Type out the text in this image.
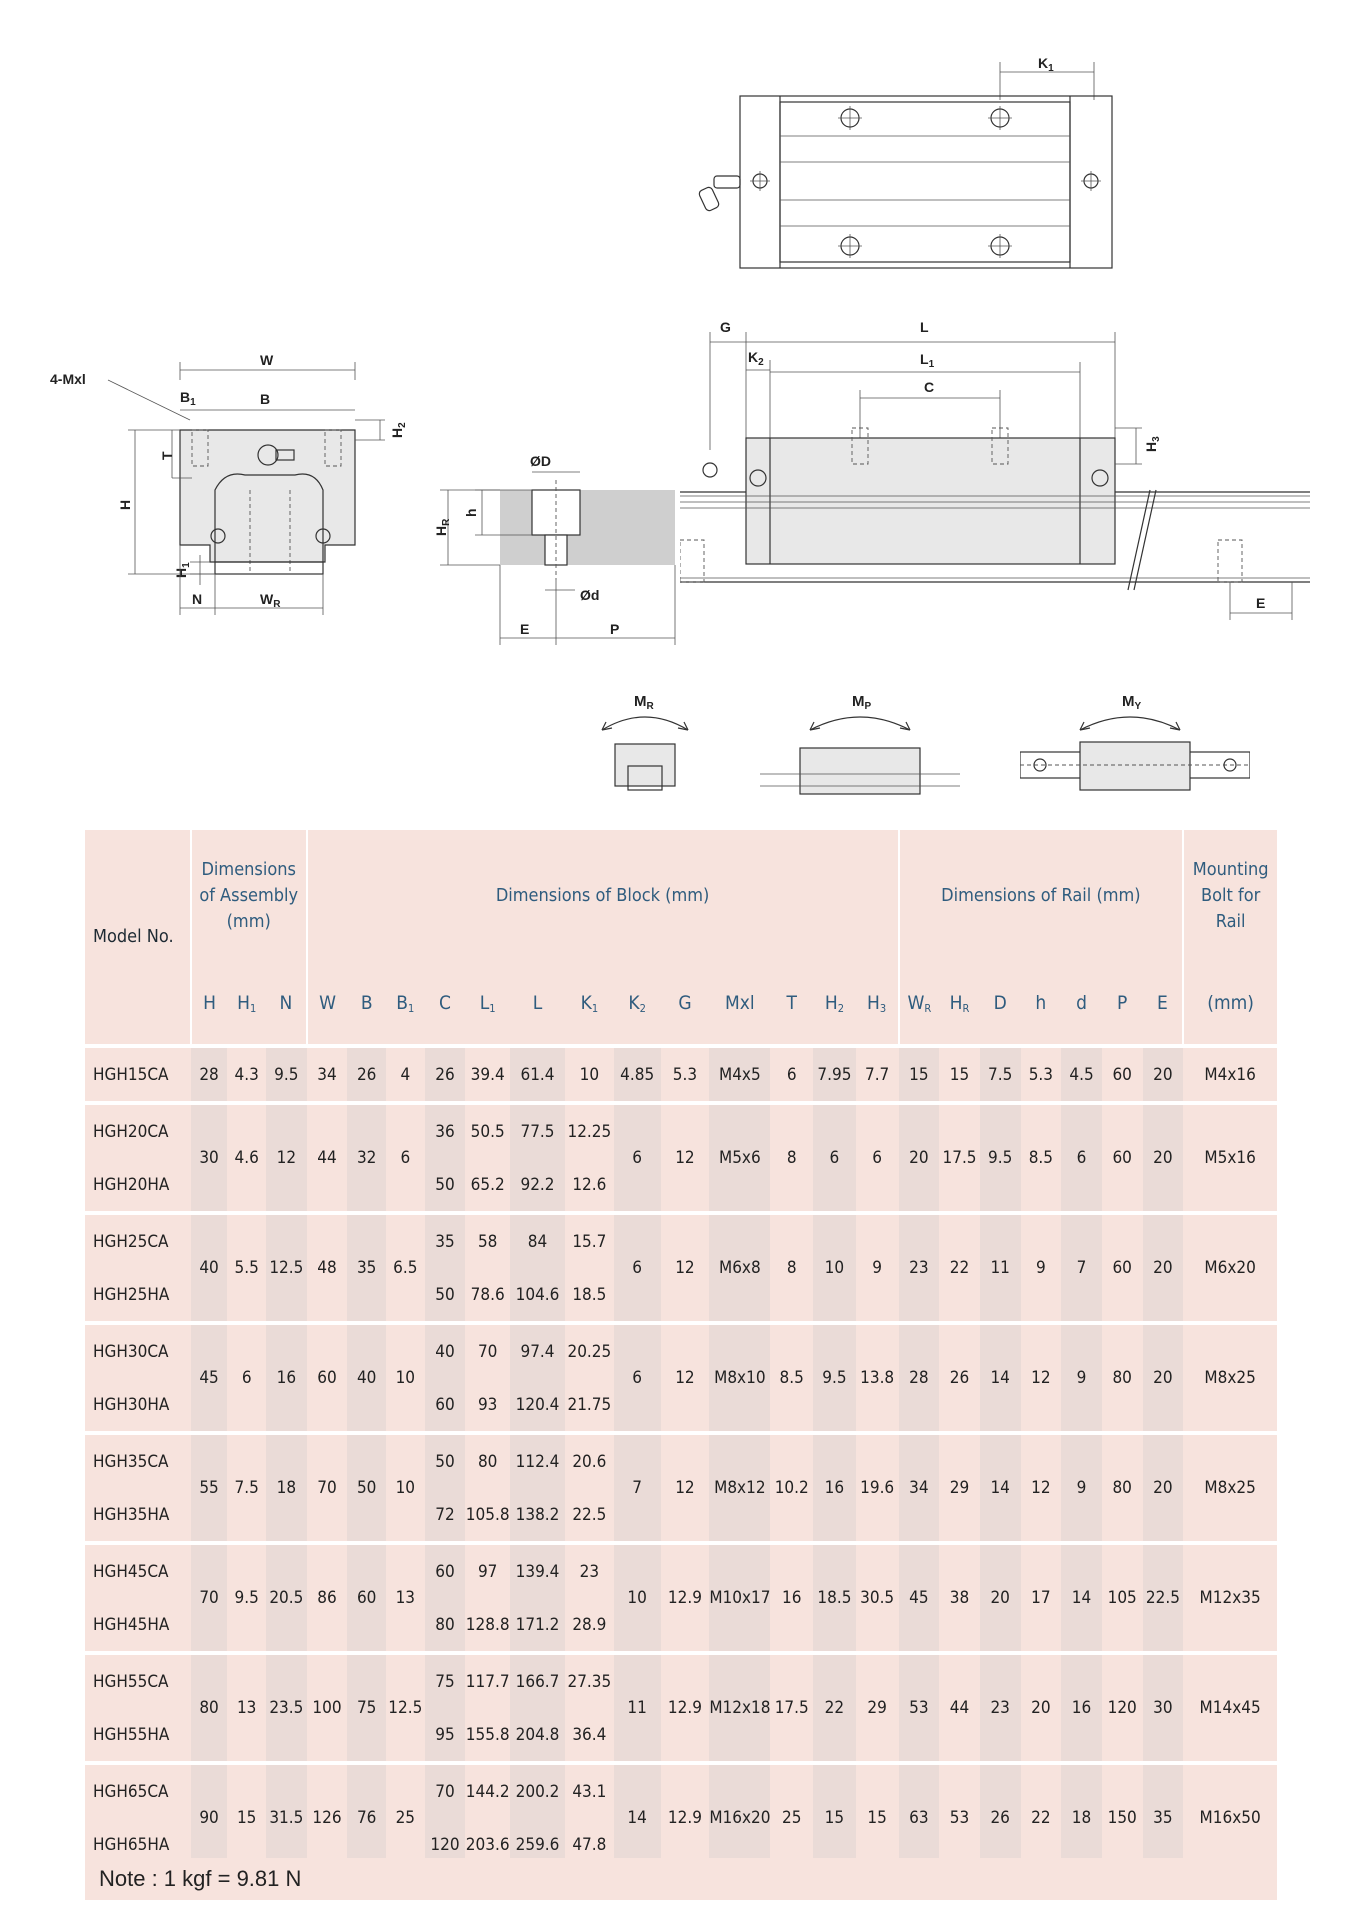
$K_1$
W
4-Mxl
$B_1$	B
H
T
$H_2$
$H_1$
N	$W_R$
ØD
Ød
h
$H_R$
E	P
G	L
$K_2$	$L_1$
C
$H_3$
E
$M_R$	$M_P$	$M_Y$
Model No.	Dimensions of Assembly (mm)			Dimensions of Block (mm)													Dimensions of Rail (mm)							Mounting Bolt for Rail
	H	$H_1$	N	W	B	$B_1$	C	$L_1$	L	$K_1$	$K_2$	G	Mxl	T	$H_2$	$H_3$	$W_R$	$H_R$	D	h	d	P	E	(mm)

HGH15CA	28	4.3	9.5	34	26	4	26	39.4	61.4	10	4.85	5.3	M4x5	6	7.95	7.7	15	15	7.5	5.3	4.5	60	20	M4x16

HGH20CA	30	4.6	12	44	32	6	36	50.5	77.5	12.25	6	12	M5x6	8	6	6	20	17.5	9.5	8.5	6	60	20	M5x16
HGH20HA							50	65.2	92.2	12.6														

HGH25CA	40	5.5	12.5	48	35	6.5	35	58	84	15.7	6	12	M6x8	8	10	9	23	22	11	9	7	60	20	M6x20
HGH25HA							50	78.6	104.6	18.5														

HGH30CA	45	6	16	60	40	10	40	70	97.4	20.25	6	12	M8x10	8.5	9.5	13.8	28	26	14	12	9	80	20	M8x25
HGH30HA							60	93	120.4	21.75														

HGH35CA	55	7.5	18	70	50	10	50	80	112.4	20.6	7	12	M8x12	10.2	16	19.6	34	29	14	12	9	80	20	M8x25
HGH35HA							72	105.8	138.2	22.5														

HGH45CA	70	9.5	20.5	86	60	13	60	97	139.4	23	10	12.9	M10x17	16	18.5	30.5	45	38	20	17	14	105	22.5	M12x35
HGH45HA							80	128.8	171.2	28.9														

HGH55CA	80	13	23.5	100	75	12.5	75	117.7	166.7	27.35	11	12.9	M12x18	17.5	22	29	53	44	23	20	16	120	30	M14x45
HGH55HA							95	155.8	204.8	36.4														

HGH65CA	90	15	31.5	126	76	25	70	144.2	200.2	43.1	14	12.9	M16x20	25	15	15	63	53	26	22	18	150	35	M16x50
HGH65HA							120	203.6	259.6	47.8														
Note : 1 kgf = 9.81 N
